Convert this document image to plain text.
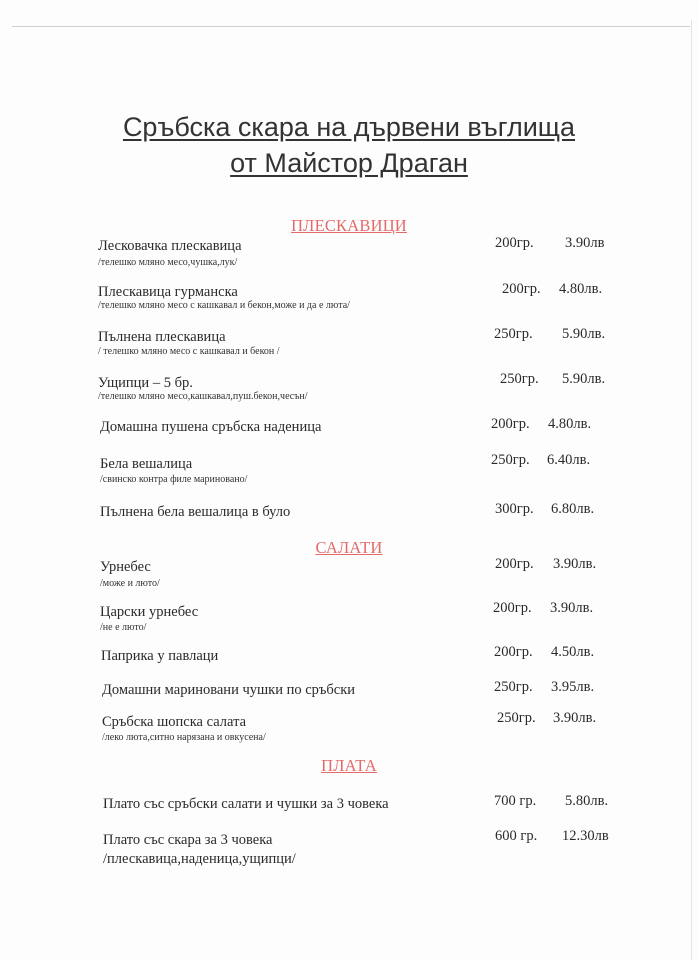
Сръбска скара на дървени въглища
от Майстор Драган
ПЛЕСКАВИЦИ
Лесковачка плескавица
/телешко мляно месо,чушка,лук/
200гр. 3.90лв
Плескавица гурманска
/телешко мляно месо с кашкавал и бекон,може и да е люта/
200гр. 4.80лв.
Пълнена плескавица
/ телешко мляно месо с кашкавал и бекон /
250гр. 5.90лв.
Ущипци – 5 бр.
/телешко мляно месо,кашкавал,пуш.бекон,чесън/
250гр. 5.90лв.
Домашна пушена сръбска наденица	200гр. 4.80лв.
Бела вешалица
/свинско контра филе мариновано/
250гр. 6.40лв.
Пълнена бела вешалица в було	300гр. 6.80лв.
САЛАТИ
Урнебес
/може и люто/
200гр. 3.90лв.
Царски урнебес
/не е люто/
200гр. 3.90лв.
Паприка у павлаци	200гр. 4.50лв.
Домашни мариновани чушки по сръбски	250гр. 3.95лв.
Сръбска шопска салата
/леко люта,ситно нарязана и овкусена/
250гр. 3.90лв.
ПЛАТА
Плато със сръбски салати и чушки за 3 човека	700 гр. 5.80лв.
Плато със скара за 3 човека
/плескавица,наденица,ущипци/
600 гр. 12.30лв
